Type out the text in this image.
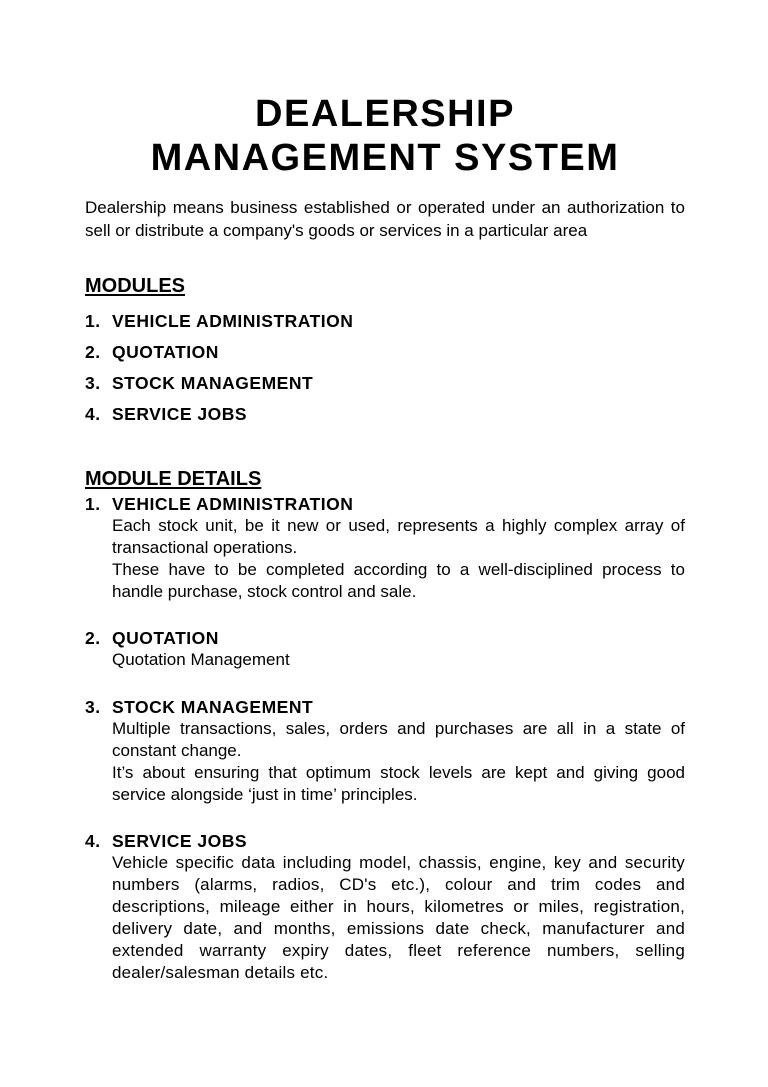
DEALERSHIP
MANAGEMENT SYSTEM
Dealership means business established or operated under an authorization to sell or distribute a company's goods or services in a particular area
MODULES
1. VEHICLE ADMINISTRATION
2. QUOTATION
3. STOCK MANAGEMENT
4. SERVICE JOBS
MODULE DETAILS
1. VEHICLE ADMINISTRATION

Each stock unit, be it new or used, represents a highly complex array of transactional operations.

These have to be completed according to a well-disciplined process to handle purchase, stock control and sale.

2. QUOTATION

Quotation Management

3. STOCK MANAGEMENT

Multiple transactions, sales, orders and purchases are all in a state of constant change.

It’s about ensuring that optimum stock levels are kept and giving good service alongside ‘just in time’ principles.

4. SERVICE JOBS

Vehicle specific data including model, chassis, engine, key and security numbers (alarms, radios, CD's etc.), colour and trim codes and descriptions, mileage either in hours, kilometres or miles, registration, delivery date, and months, emissions date check, manufacturer and extended warranty expiry dates, fleet reference numbers, selling dealer/salesman details etc.
